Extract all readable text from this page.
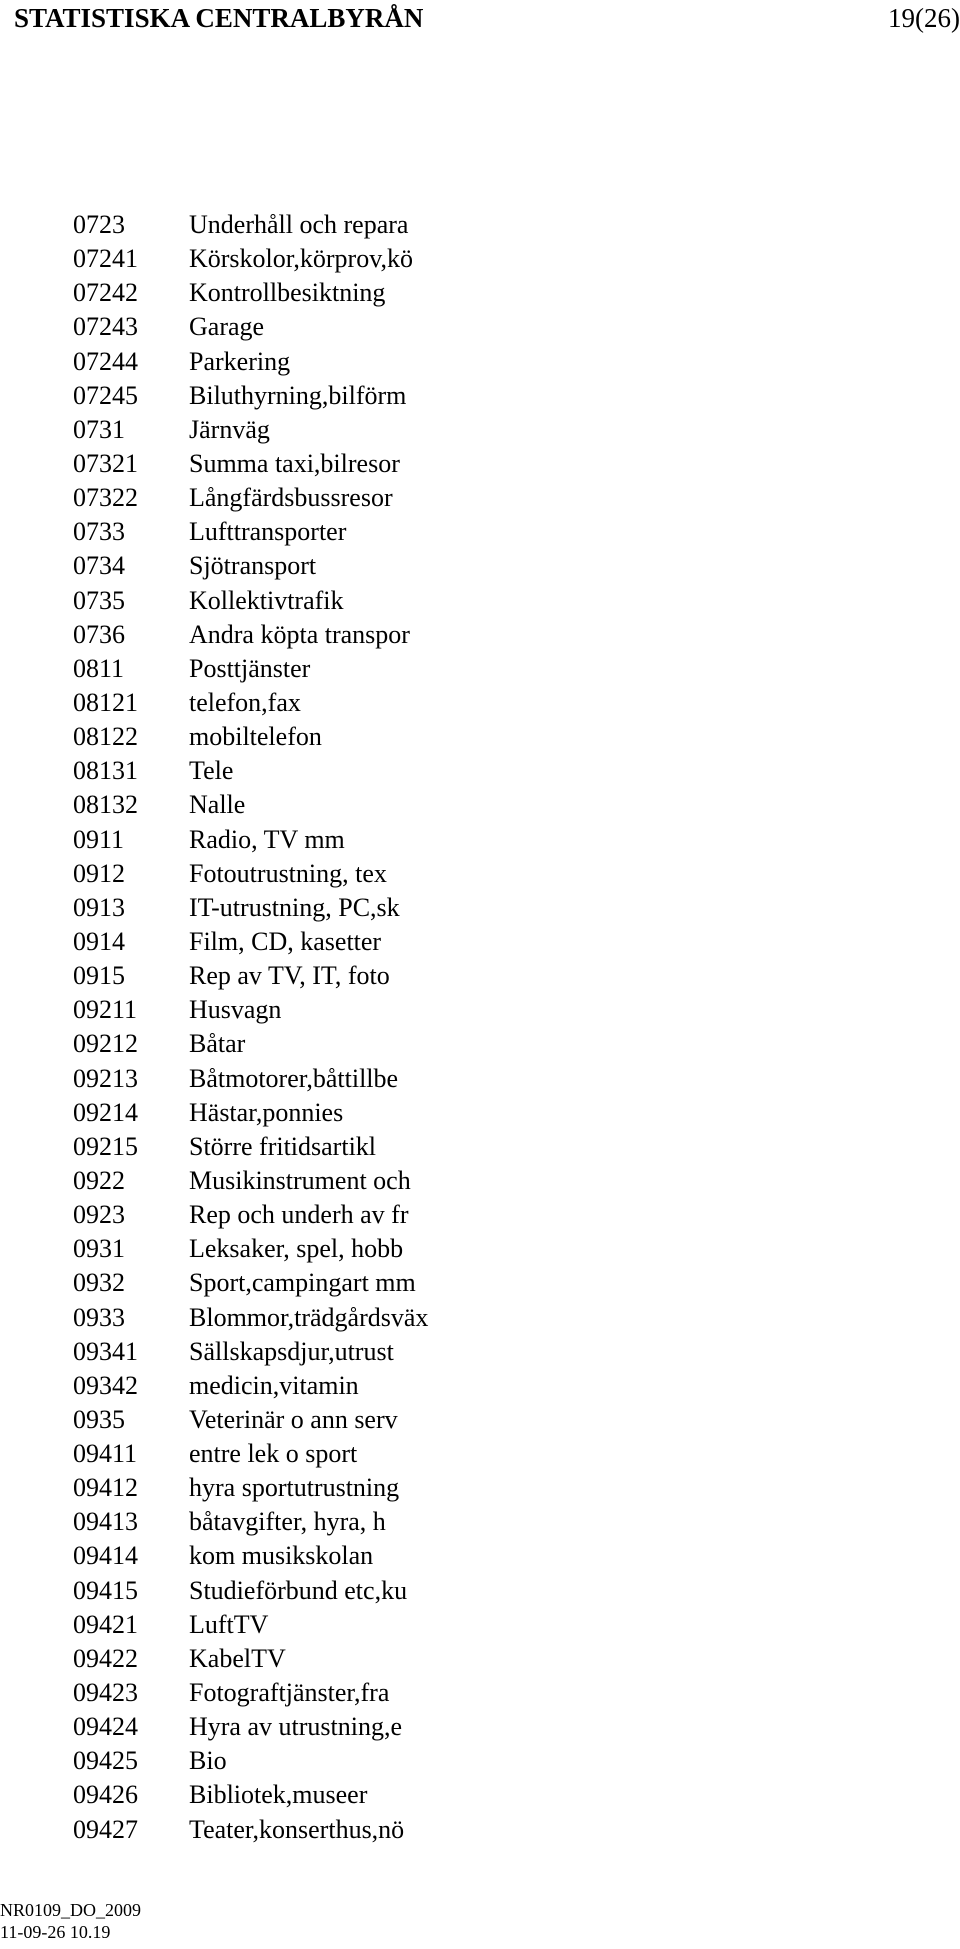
STATISTISKA CENTRALBYRÅN	19(26)
0723	Underhåll och repara
07241	Körskolor,körprov,kö
07242	Kontrollbesiktning
07243	Garage
07244	Parkering
07245	Biluthyrning,bilförm
0731	Järnväg
07321	Summa taxi,bilresor
07322	Långfärdsbussresor
0733	Lufttransporter
0734	Sjötransport
0735	Kollektivtrafik
0736	Andra köpta transpor
0811	Posttjänster
08121	telefon,fax
08122	mobiltelefon
08131	Tele
08132	Nalle
0911	Radio, TV mm
0912	Fotoutrustning, tex
0913	IT-utrustning, PC,sk
0914	Film, CD, kasetter
0915	Rep av TV, IT, foto
09211	Husvagn
09212	Båtar
09213	Båtmotorer,båttillbe
09214	Hästar,ponnies
09215	Större fritidsartikl
0922	Musikinstrument och
0923	Rep och underh av fr
0931	Leksaker, spel, hobb
0932	Sport,campingart mm
0933	Blommor,trädgårdsväx
09341	Sällskapsdjur,utrust
09342	medicin,vitamin
0935	Veterinär o ann serv
09411	entre lek o sport
09412	hyra sportutrustning
09413	båtavgifter, hyra, h
09414	kom musikskolan
09415	Studieförbund etc,ku
09421	LuftTV
09422	KabelTV
09423	Fotograftjänster,fra
09424	Hyra av utrustning,e
09425	Bio
09426	Bibliotek,museer
09427	Teater,konserthus,nö
NR0109_DO_2009
11-09-26 10.19
